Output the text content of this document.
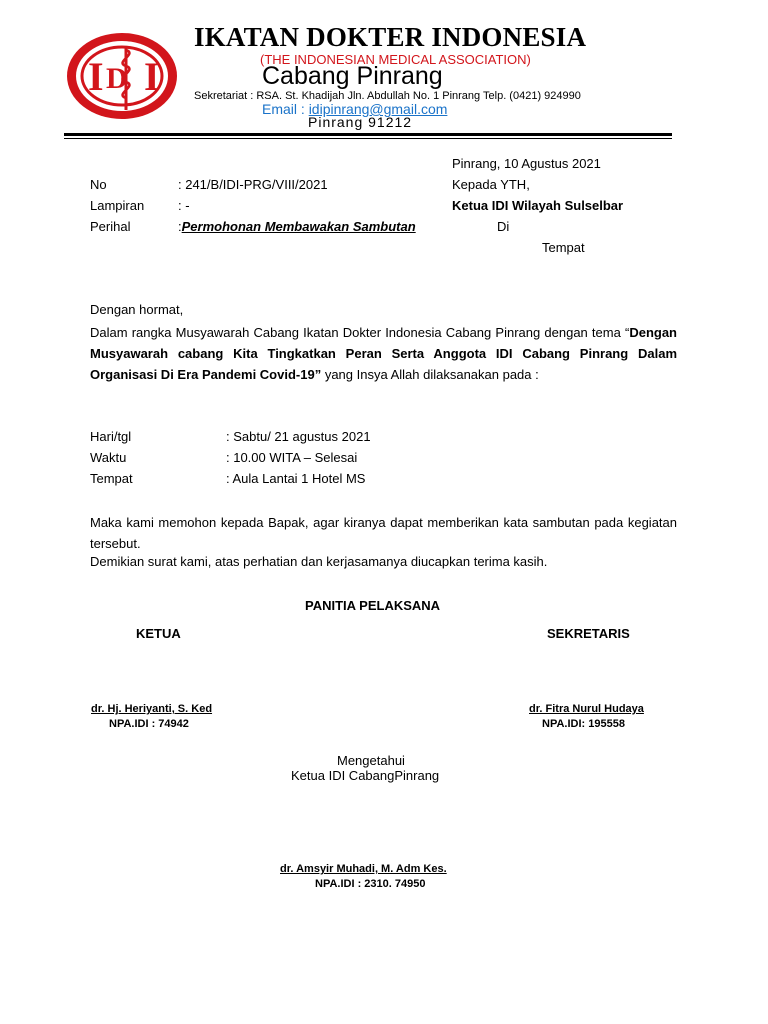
I D I
IKATAN DOKTER INDONESIA
(THE INDONESIAN MEDICAL ASSOCIATION)
Cabang Pinrang
Sekretariat : RSA. St. Khadijah Jln. Abdullah No. 1 Pinrang Telp. (0421) 924990
Email : idipinrang@gmail.com
Pinrang 91212
Pinrang, 10 Agustus 2021
No	: 241/B/IDI-PRG/VIII/2021	Kepada YTH,
Lampiran	: -	Ketua IDI Wilayah Sulselbar
Perihal	:Permohonan Membawakan Sambutan	Di
Tempat
Dengan hormat,
Dalam rangka Musyawarah Cabang Ikatan Dokter Indonesia Cabang Pinrang dengan tema “Dengan Musyawarah cabang Kita Tingkatkan Peran Serta Anggota IDI Cabang Pinrang Dalam Organisasi Di Era Pandemi Covid-19” yang Insya Allah dilaksanakan pada :
Hari/tgl	: Sabtu/ 21 agustus 2021
Waktu	: 10.00 WITA – Selesai
Tempat	: Aula Lantai 1 Hotel MS
Maka kami memohon kepada Bapak, agar kiranya dapat memberikan kata sambutan pada kegiatan tersebut.
Demikian surat kami, atas perhatian dan kerjasamanya diucapkan terima kasih.
PANITIA PELAKSANA
KETUA	SEKRETARIS
dr. Hj. Heriyanti, S. Ked
NPA.IDI : 74942
dr. Fitra Nurul Hudaya
NPA.IDI: 195558
Mengetahui
Ketua IDI CabangPinrang
dr. Amsyir Muhadi, M. Adm Kes.
NPA.IDI : 2310. 74950
